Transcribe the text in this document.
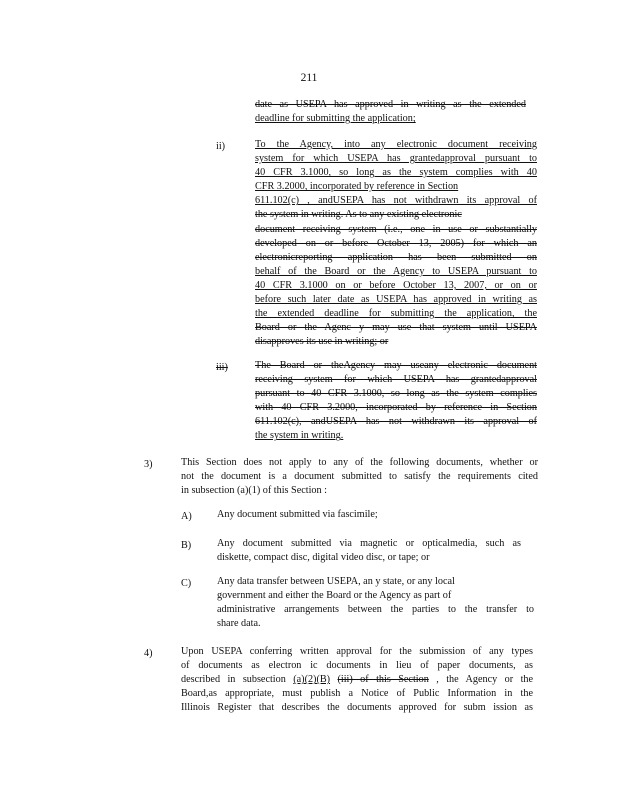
211
date as USEPA has approved in writing as the extended
deadline for submitting the application;
ii)	To the Agency, into any electronic document receiving
system for which USEPA has grantedapproval pursuant to
40 CFR 3.1000, so long as the system complies with 40
CFR 3.2000, incorporated by reference in Section
611.102(c) , andUSEPA has not withdrawn its approval of
the system in writing. As to any existing electronic
document receiving system (i.e., one in use or substantially
developed on or before October 13, 2005) for which an
electronicreporting application has been submitted on
behalf of the Board or the Agency to USEPA pursuant to
40 CFR 3.1000 on or before October 13, 2007, or on or
before such later date as USEPA has approved in writing as
the extended deadline for submitting the application, the
Board or the Agenc y may use that system until USEPA
disapproves its use in writing; or
iii)	The Board or theAgency may useany electronic document
receiving system for which USEPA has grantedapproval
pursuant to 40 CFR 3.1000, so long as the system complies
with 40 CFR 3.2000, incorporated by reference in Section
611.102(c), andUSEPA has not withdrawn its approval of
the system in writing.
3)	This Section does not apply to any of the following documents, whether or
not the document is a document submitted to satisfy the requirements cited
in subsection (a)(1) of this Section :
A) Any document submitted via fascimile;
B)	Any document submitted via magnetic or opticalmedia, such as
diskette, compact disc, digital video disc, or tape; or
C)	Any data transfer between USEPA, an y state, or any local
government and either the Board or the Agency as part of
administrative arrangements between the parties to the transfer to
share data.
4)	Upon USEPA conferring written approval for the submission of any types
of documents as electron ic documents in lieu of paper documents, as
described in subsection (a)(2)(B) (iii) of this Section , the Agency or the
Board,as appropriate, must publish a Notice of Public Information in the
Illinois Register that describes the documents approved for subm ission as
